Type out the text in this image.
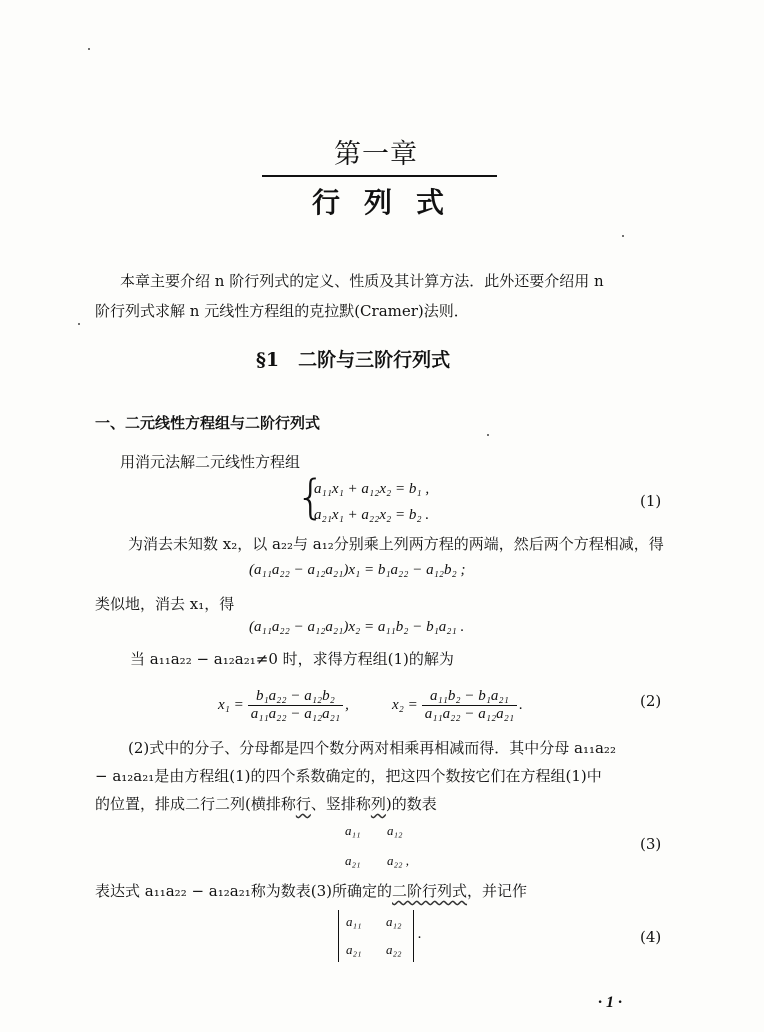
第一章
行列式
本章主要介绍 n 阶行列式的定义、性质及其计算方法．此外还要介绍用 n
阶行列式求解 n 元线性方程组的克拉默(Cramer)法则．
§1　二阶与三阶行列式
一、二元线性方程组与二阶行列式
用消元法解二元线性方程组
{
a₁₁x₁ + a₁₂x₂ = b₁ ,
a₂₁x₁ + a₂₂x₂ = b₂ .
(1)
为消去未知数 x₂，以 a₂₂与 a₁₂分别乘上列两方程的两端，然后两个方程相减，得
(a₁₁a₂₂ − a₁₂a₂₁)x₁ = b₁a₂₂ − a₁₂b₂ ;
类似地，消去 x₁，得
(a₁₁a₂₂ − a₁₂a₂₁)x₂ = a₁₁b₂ − b₁a₂₁ .
当 a₁₁a₂₂ − a₁₂a₂₁≠0 时，求得方程组(1)的解为
$x_1 = \frac{\text{b₁a₂₂ − a₁₂b₂}}{\text{a₁₁a₂₂ − a₁₂a₂₁}}$ ,	$x_2 = \frac{\text{a₁₁b₂ − b₁a₂₁}}{\text{a₁₁a₂₂ − a₁₂a₂₁}}$ .	(2)
(2)式中的分子、分母都是四个数分两对相乘再相减而得．其中分母 a₁₁a₂₂
− a₁₂a₂₁是由方程组(1)的四个系数确定的，把这四个数按它们在方程组(1)中
的位置，排成二行二列(横排称行、竖排称列)的数表
a₁₁ a₁₂
a₂₁ a₂₂ ,
(3)
表达式 a₁₁a₂₂ − a₁₂a₂₁称为数表(3)所确定的二阶行列式，并记作
a₁₁ a₁₂
a₂₁ a₂₂
.	(4)
· 1 ·
